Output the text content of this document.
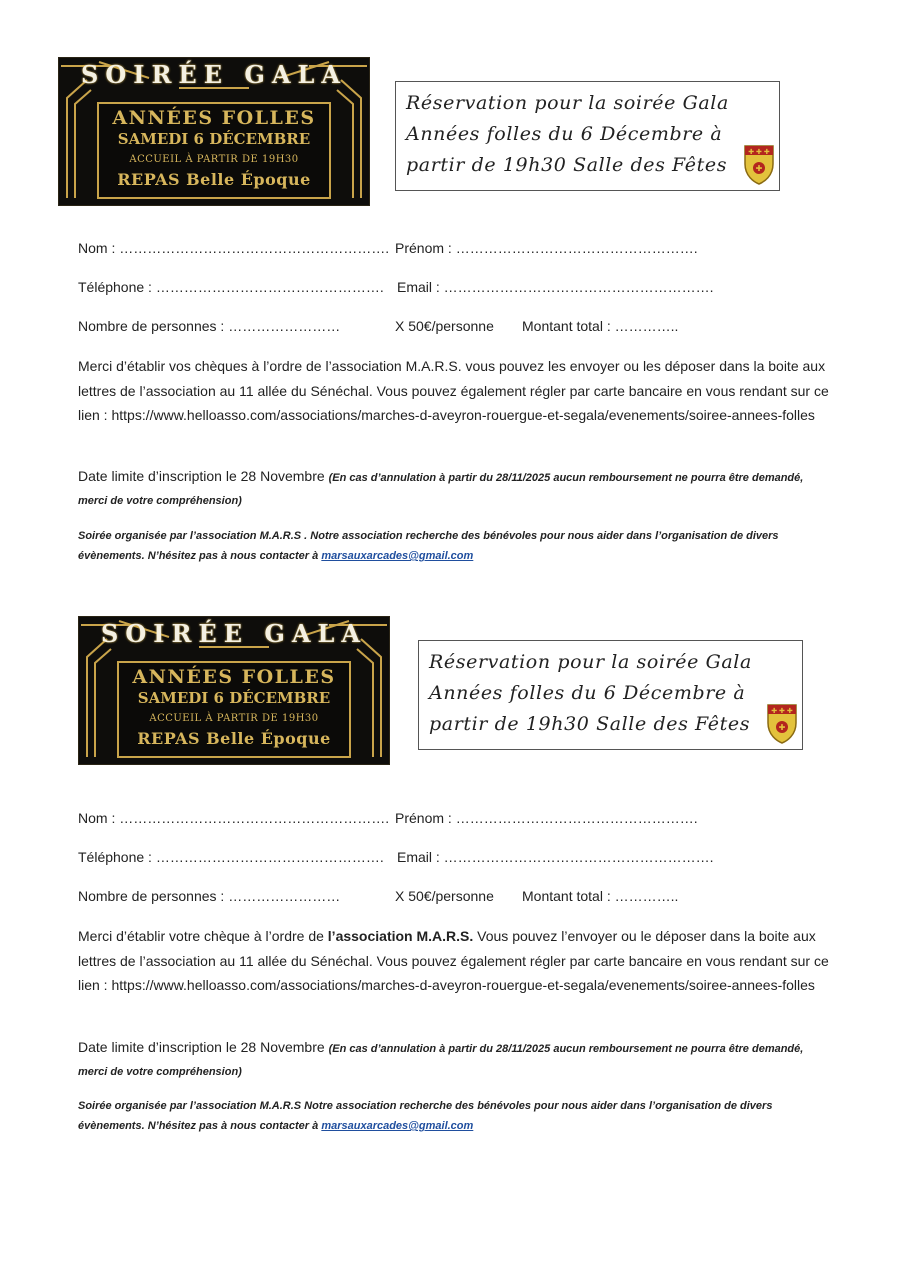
SOIRÉE GALA
ANNÉES FOLLES
SAMEDI 6 DÉCEMBRE
ACCUEIL À PARTIR DE 19H30
REPAS Belle Époque
Réservation pour la soirée Gala Années folles du 6 Décembre à partir de 19h30 Salle des Fêtes
✚ ✚ ✚
✚
Nom : …………………………………………………. Prénom : …………………………………………….
Téléphone : …………………………………………. Email : ………………………………………………….
Nombre de personnes : ……………………	X 50€/personne Montant total : …………..
Merci d’établir vos chèques à l’ordre de l’association M.A.R.S. vous pouvez les envoyer ou les déposer dans la boite aux lettres de l’association au 11 allée du Sénéchal. Vous pouvez également régler par carte bancaire en vous rendant sur ce lien : https://www.helloasso.com/associations/marches-d-aveyron-rouergue-et-segala/evenements/soiree-annees-folles
Date limite d’inscription le 28 Novembre (En cas d’annulation à partir du 28/11/2025 aucun remboursement ne pourra être demandé, merci de votre compréhension)
Soirée organisée par l’association M.A.R.S . Notre association recherche des bénévoles pour nous aider dans l’organisation de divers évènements. N’hésitez pas à nous contacter à marsauxarcades@gmail.com
SOIRÉE GALA
ANNÉES FOLLES
SAMEDI 6 DÉCEMBRE
ACCUEIL À PARTIR DE 19H30
REPAS Belle Époque
Réservation pour la soirée Gala Années folles du 6 Décembre à partir de 19h30 Salle des Fêtes
✚ ✚ ✚
✚
Nom : …………………………………………………. Prénom : …………………………………………….
Téléphone : …………………………………………. Email : ………………………………………………….
Nombre de personnes : ……………………	X 50€/personne Montant total : …………..
Merci d’établir votre chèque à l’ordre de l’association M.A.R.S. Vous pouvez l’envoyer ou le déposer dans la boite aux lettres de l’association au 11 allée du Sénéchal. Vous pouvez également régler par carte bancaire en vous rendant sur ce lien : https://www.helloasso.com/associations/marches-d-aveyron-rouergue-et-segala/evenements/soiree-annees-folles
Date limite d’inscription le 28 Novembre (En cas d’annulation à partir du 28/11/2025 aucun remboursement ne pourra être demandé, merci de votre compréhension)
Soirée organisée par l’association M.A.R.S Notre association recherche des bénévoles pour nous aider dans l’organisation de divers évènements. N’hésitez pas à nous contacter à marsauxarcades@gmail.com
